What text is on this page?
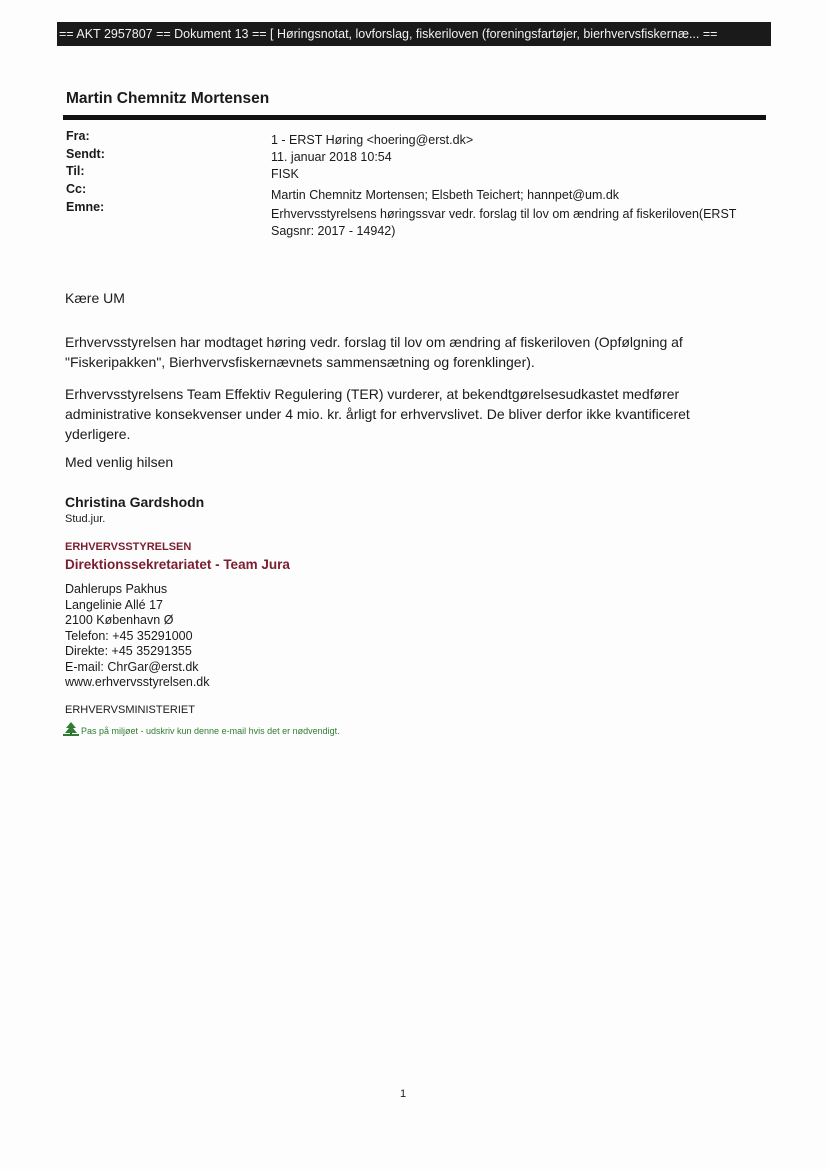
== AKT 2957807 == Dokument 13 == [ Høringsnotat, lovforslag, fiskeriloven (foreningsfartøjer, bierhvervsfiskernæ... ==
Martin Chemnitz Mortensen
Fra:	1 - ERST Høring <hoering@erst.dk>
Sendt:	11. januar 2018 10:54
Til:	FISK
Cc:	Martin Chemnitz Mortensen; Elsbeth Teichert; hannpet@um.dk
Emne:	Erhvervsstyrelsens høringssvar vedr. forslag til lov om ændring af fiskeriloven(ERST Sagsnr: 2017 - 14942)
Kære UM
Erhvervsstyrelsen har modtaget høring vedr. forslag til lov om ændring af fiskeriloven (Opfølgning af "Fiskeripakken", Bierhvervsfiskernævnets sammensætning og forenklinger).
Erhvervsstyrelsens Team Effektiv Regulering (TER) vurderer, at bekendtgørelsesudkastet medfører administrative konsekvenser under 4 mio. kr. årligt for erhvervslivet. De bliver derfor ikke kvantificeret yderligere.
Med venlig hilsen
Christina Gardshodn
Stud.jur.
ERHVERVSSTYRELSEN
Direktionssekretariatet - Team Jura
Dahlerups Pakhus
Langelinie Allé 17
2100 København Ø
Telefon: +45 35291000
Direkte: +45 35291355
E-mail: ChrGar@erst.dk
www.erhvervsstyrelsen.dk
ERHVERVSMINISTERIET
Pas på miljøet - udskriv kun denne e-mail hvis det er nødvendigt.
1
